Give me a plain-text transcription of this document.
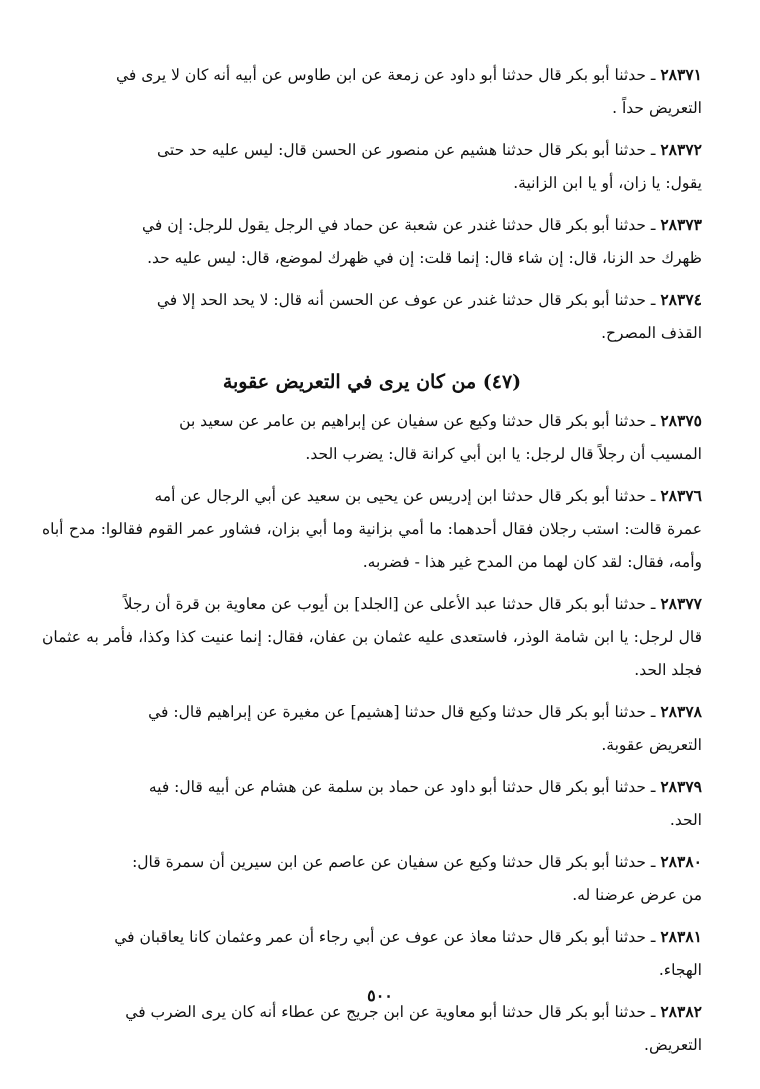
٢٨٣٧١ ـ حدثنا أبو بكر قال حدثنا أبو داود عن زمعة عن ابن طاوس عن أبيه أنه كان لا يرى في
التعريض حداً .

٢٨٣٧٢ ـ حدثنا أبو بكر قال حدثنا هشيم عن منصور عن الحسن قال: ليس عليه حد حتى
يقول: يا زان، أو يا ابن الزانية.

٢٨٣٧٣ ـ حدثنا أبو بكر قال حدثنا غندر عن شعبة عن حماد في الرجل يقول للرجل: إن في
ظهرك حد الزنا، قال: إن شاء قال: إنما قلت: إن في ظهرك لموضع، قال: ليس عليه حد.

٢٨٣٧٤ ـ حدثنا أبو بكر قال حدثنا غندر عن عوف عن الحسن أنه قال: لا يحد الحد إلا في
القذف المصرح.

(٤٧) من كان يرى في التعريض عقوبة

٢٨٣٧٥ ـ حدثنا أبو بكر قال حدثنا وكيع عن سفيان عن إبراهيم بن عامر عن سعيد بن
المسيب أن رجلاً قال لرجل: يا ابن أبي كرانة قال: يضرب الحد.

٢٨٣٧٦ ـ حدثنا أبو بكر قال حدثنا ابن إدريس عن يحيى بن سعيد عن أبي الرجال عن أمه
عمرة قالت: استب رجلان فقال أحدهما: ما أمي بزانية وما أبي بزان، فشاور عمر القوم فقالوا: مدح أباه وأمه، فقال: لقد كان لهما من المدح غير هذا - فضربه.

٢٨٣٧٧ ـ حدثنا أبو بكر قال حدثنا عبد الأعلى عن [الجلد] بن أيوب عن معاوية بن قرة أن رجلاً
قال لرجل: يا ابن شامة الوذر، فاستعدى عليه عثمان بن عفان، فقال: إنما عنيت كذا وكذا، فأمر به عثمان فجلد الحد.

٢٨٣٧٨ ـ حدثنا أبو بكر قال حدثنا وكيع قال حدثنا [هشيم] عن مغيرة عن إبراهيم قال: في
التعريض عقوبة.

٢٨٣٧٩ ـ حدثنا أبو بكر قال حدثنا أبو داود عن حماد بن سلمة عن هشام عن أبيه قال: فيه
الحد.

٢٨٣٨٠ ـ حدثنا أبو بكر قال حدثنا وكيع عن سفيان عن عاصم عن ابن سيرين أن سمرة قال:
من عرض عرضنا له.

٢٨٣٨١ ـ حدثنا أبو بكر قال حدثنا معاذ عن عوف عن أبي رجاء أن عمر وعثمان كانا يعاقبان في
الهجاء.

٢٨٣٨٢ ـ حدثنا أبو بكر قال حدثنا أبو معاوية عن ابن جريج عن عطاء أنه كان يرى الضرب في
التعريض.

٥٠٠
